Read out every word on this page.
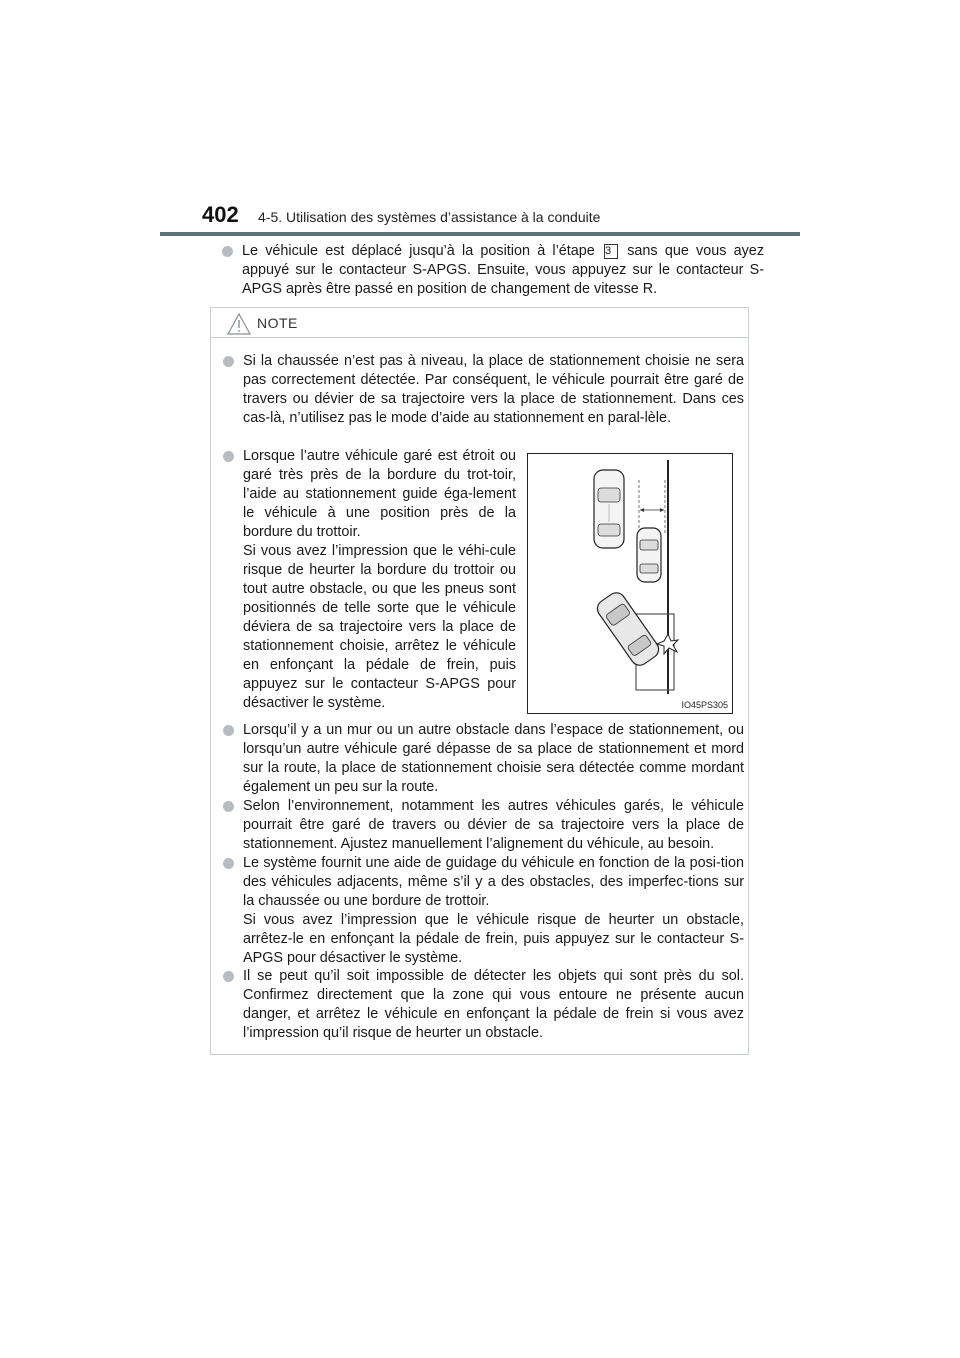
402 4-5. Utilisation des systèmes d’assistance à la conduite
Le véhicule est déplacé jusqu’à la position à l’étape 3 sans que vous ayez appuyé sur le contacteur S-APGS. Ensuite, vous appuyez sur le contacteur S-APGS après être passé en position de changement de vitesse R.
NOTE
Si la chaussée n’est pas à niveau, la place de stationnement choisie ne sera pas correctement détectée. Par conséquent, le véhicule pourrait être garé de travers ou dévier de sa trajectoire vers la place de stationnement. Dans ces cas-là, n’utilisez pas le mode d’aide au stationnement en paral-lèle.
Lorsque l’autre véhicule garé est étroit ou garé très près de la bordure du trot-toir, l’aide au stationnement guide éga-lement le véhicule à une position près de la bordure du trottoir.
Si vous avez l’impression que le véhi-cule risque de heurter la bordure du trottoir ou tout autre obstacle, ou que les pneus sont positionnés de telle sorte que le véhicule déviera de sa trajectoire vers la place de stationnement choisie, arrêtez le véhicule en enfonçant la pédale de frein, puis appuyez sur le contacteur S-APGS pour désactiver le système.	IO45PS305
Lorsqu’il y a un mur ou un autre obstacle dans l’espace de stationnement, ou lorsqu’un autre véhicule garé dépasse de sa place de stationnement et mord sur la route, la place de stationnement choisie sera détectée comme mordant également un peu sur la route.
Selon l’environnement, notamment les autres véhicules garés, le véhicule pourrait être garé de travers ou dévier de sa trajectoire vers la place de stationnement. Ajustez manuellement l’alignement du véhicule, au besoin.
Le système fournit une aide de guidage du véhicule en fonction de la posi-tion des véhicules adjacents, même s’il y a des obstacles, des imperfec-tions sur la chaussée ou une bordure de trottoir.
Si vous avez l’impression que le véhicule risque de heurter un obstacle, arrêtez-le en enfonçant la pédale de frein, puis appuyez sur le contacteur S-APGS pour désactiver le système.
Il se peut qu’il soit impossible de détecter les objets qui sont près du sol. Confirmez directement que la zone qui vous entoure ne présente aucun danger, et arrêtez le véhicule en enfonçant la pédale de frein si vous avez l’impression qu’il risque de heurter un obstacle.
